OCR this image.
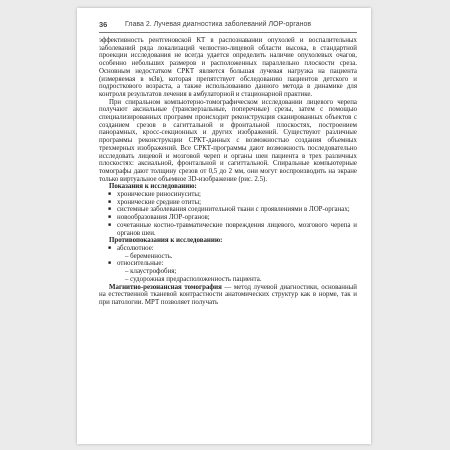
36	Глава 2. Лучевая диагностика заболеваний ЛОР-органов

эффективность рентгеновской КТ в распознавании опухолей и воспалительных заболеваний ряда локализаций челюстно-лицевой области высока, в стандартной проекции исследования не всегда удается определить наличие опухолевых очагов, особенно небольших размеров и расположенных параллельно плоскости среза. Основным недостатком СРКТ является большая лучевая нагрузка на пациента (измеряемая в мЗв), которая препятствует обследованию пациентов детского и подросткового возраста, а также использованию данного метода в динамике для контроля результатов лечения в амбулаторной и стационарной практике.

При спиральном компьютерно-томографическом исследовании лицевого черепа получают аксиальные (трансверзальные, поперечные) срезы, затем с помощью специализированных программ происходит реконструкция сканированных объектов с созданием срезов в сагиттальной и фронтальной плоскостях, построением панорамных, кросс-секционных и других изображений. Существуют различные программы реконструкции СРКТ-данных с возможностью создания объемных трехмерных изображений. Все СРКТ-программы дают возможность последовательно исследовать лицевой и мозговой череп и органы шеи пациента в трех различных плоскостях: аксиальной, фронтальной и сагиттальной. Спиральные компьютерные томографы дают толщину срезов от 0,5 до 2 мм, они могут воспроизводить на экране только виртуальное объемное 3D-изображение (рис. 2.5).

Показания к исследованию:
■ хронические риносинуситы;
■ хронические средние отиты;
■ системные заболевания соединительной ткани с проявлениями в ЛОР-органах;
■ новообразования ЛОР-органов;
■ сочетанные костно-травматические повреждения лицевого, мозгового черепа и органов шеи.
Противопоказания к исследованию:
■ абсолютное:
– беременность.
■ относительные:
– клаустрофобия;
– судорожная предрасположенность пациента.

Магнитно-резонансная томография — метод лучевой диагностики, основанный на естественной тканевой контрастности анатомических структур как в норме, так и при патологии. МРТ позволяет получать
